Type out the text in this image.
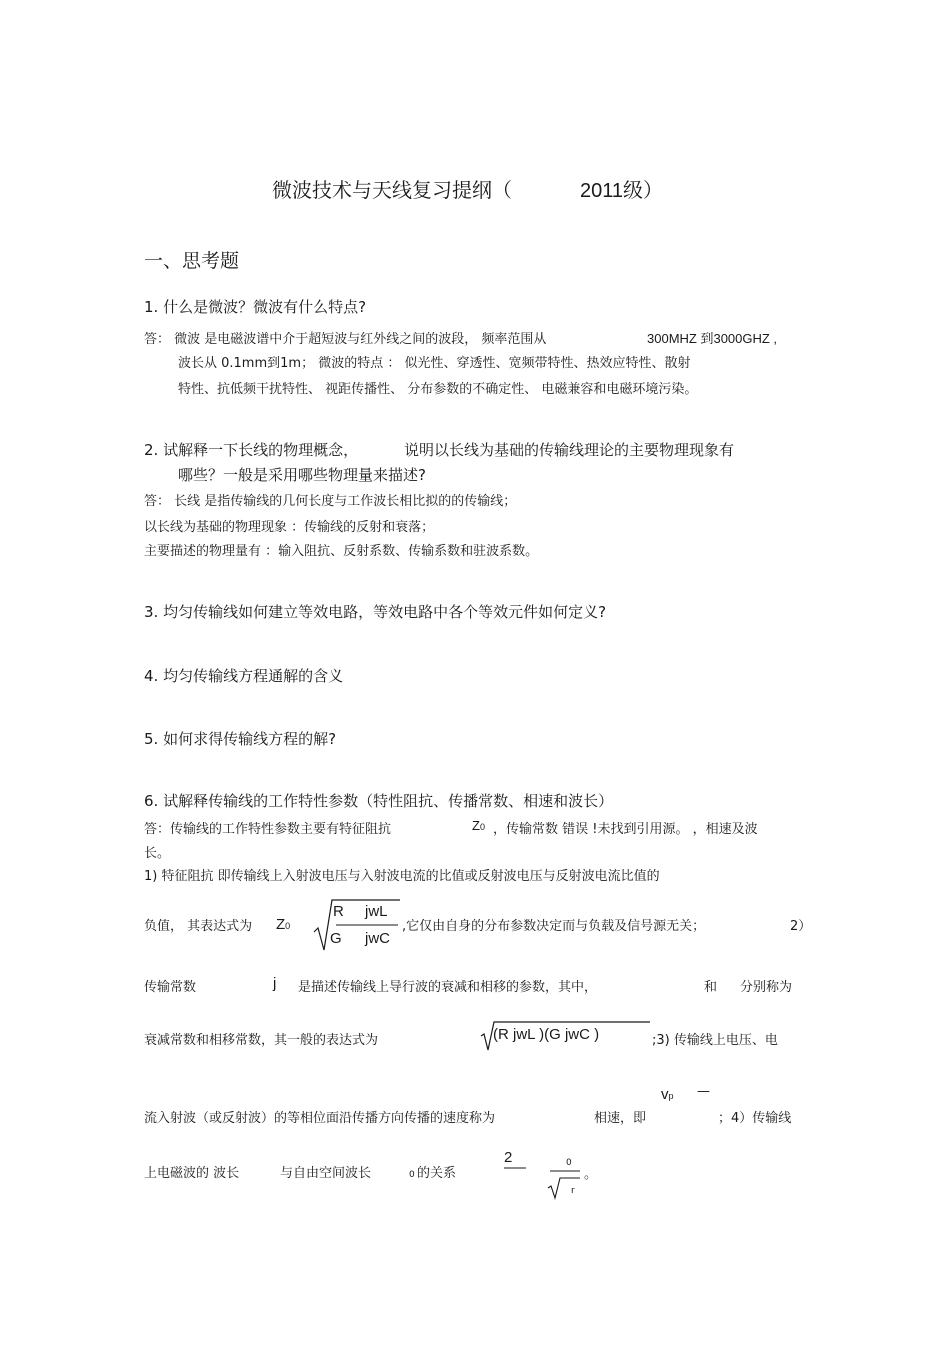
微波技术与天线复习提纲（	2011级）
一、思考题
1. 什么是微波？微波有什么特点?
答： 微波 是电磁波谱中介于超短波与红外线之间的波段， 频率范围从	300MHZ 到3000GHZ ,
波长从 0.1mm到1m； 微波的特点 ： 似光性、穿透性、宽频带特性、热效应特性、散射
特性、抗低频干扰特性、 视距传播性、 分布参数的不确定性、 电磁兼容和电磁环境污染。
2. 试解释一下长线的物理概念，	说明以长线为基础的传输线理论的主要物理现象有
哪些？一般是采用哪些物理量来描述?
答： 长线 是指传输线的几何长度与工作波长相比拟的的传输线；
以长线为基础的物理现象 ：传输线的反射和衰落；
主要描述的物理量有 ：输入阻抗、反射系数、传输系数和驻波系数。
3. 均匀传输线如何建立等效电路，等效电路中各个等效元件如何定义?
4. 均匀传输线方程通解的含义
5. 如何求得传输线方程的解?
6. 试解释传输线的工作特性参数（特性阻抗、传播常数、相速和波长）
答：传输线的工作特性参数主要有特征阻抗	Z0 ，传输常数 错误 !未找到引用源。 ，相速及波
长。
1) 特征阻抗 即传输线上入射波电压与入射波电流的比值或反射波电压与反射波电流比值的
负值， 其表达式为 Z0
R jwL
G jwC
,它仅由自身的分布参数决定而与负载及信号源无关；	2）
传输常数	j 是描述传输线上导行波的衰减和相移的参数，其中，	和 分别称为
衰减常数和相移常数，其一般的表达式为	(R jwL )(G jwC )	;3) 传输线上电压、电
vp —
流入射波（或反射波）的等相位面沿传播方向传播的速度称为	相速，即	；4）传输线
上电磁波的 波长	与自由空间波长	0 的关系
2	0
r
。
